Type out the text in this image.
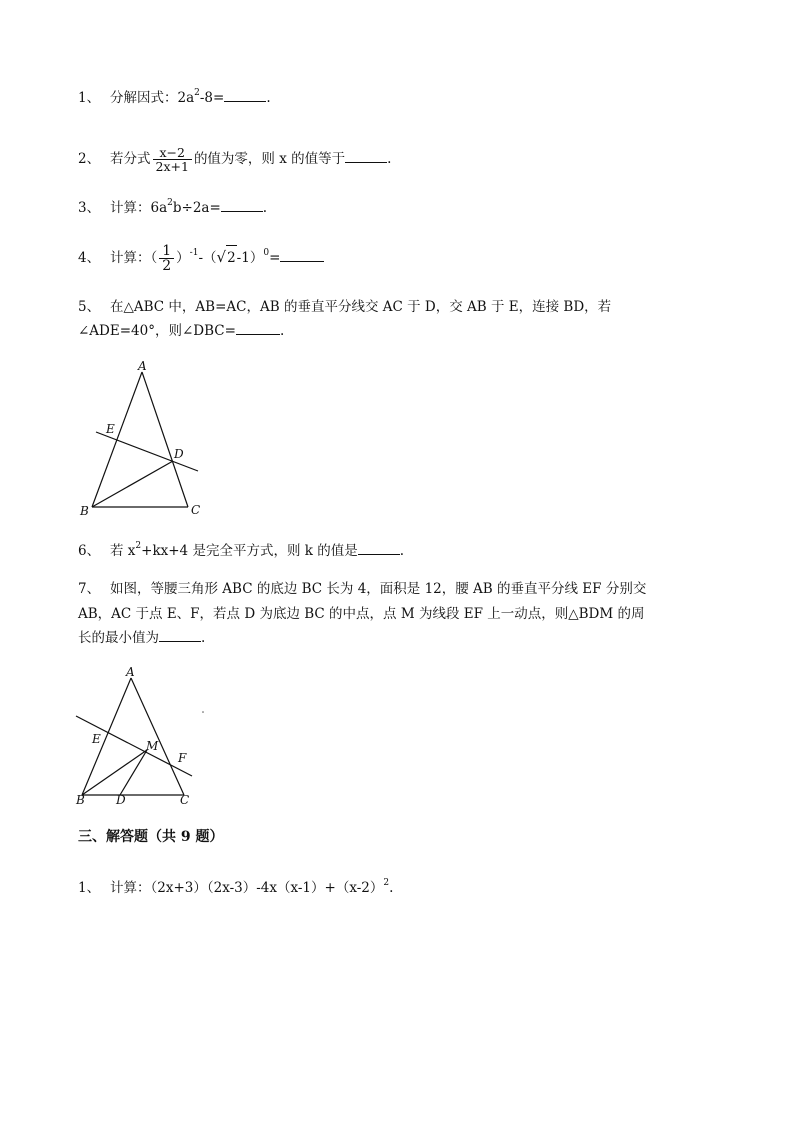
1、 分解因式：$2a^2-8=$	.
2、 若分式 $\frac{x-2}{2x+1}$ 的值为零，则 x 的值等于	.
3、 计算：$6a^2b\div 2a=$	.
4、 计算：（ $\frac{1}{2} )^{-1}-(√2-1)^0=$
5、 在△ABC 中，AB=AC，AB 的垂直平分线交 AC 于 D，交 AB 于 E，连接 BD，若
∠ADE=40°，则∠DBC=	.
A
E
D
B	C
6、 若 $x^2+kx+4$ 是完全平方式，则 k 的值是	.
7、 如图，等腰三角形 ABC 的底边 BC 长为 4，面积是 12，腰 AB 的垂直平分线 EF 分别交
AB，AC 于点 E、F，若点 D 为底边 BC 的中点，点 M 为线段 EF 上一动点，则△BDM 的周
长的最小值为	.
A
E	M
F
B	D	C
三、解答题（共 9 题）
1、 计算：$(2x+3)(2x-3)-4x(x-1)+(x-2)^2$.
